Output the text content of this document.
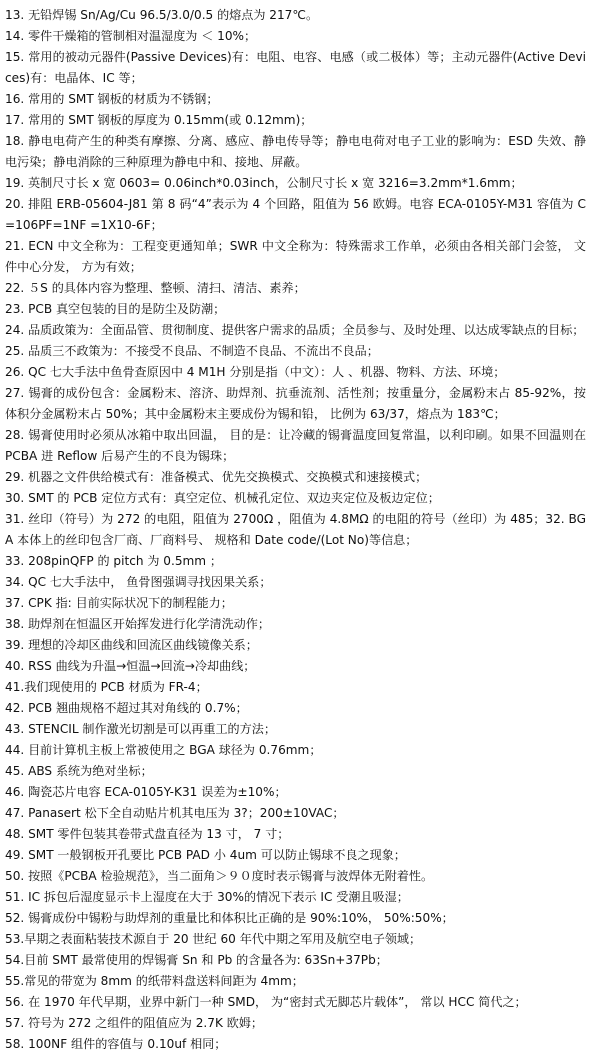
13. 无铅焊锡 Sn/Ag/Cu 96.5/3.0/0.5 的熔点为 217℃。

14. 零件干燥箱的管制相对温湿度为 ＜ 10%；

15. 常用的被动元器件(Passive Devices)有：电阻、电容、电感（或二极体）等；主动元器件(Active Devices)有：电晶体、IC 等；

16. 常用的 SMT 钢板的材质为不锈钢；

17. 常用的 SMT 钢板的厚度为 0.15mm(或 0.12mm)；

18. 静电电荷产生的种类有摩擦、分离、感应、静电传导等；静电电荷对电子工业的影响为：ESD 失效、静电污染；静电消除的三种原理为静电中和、接地、屏蔽。

19. 英制尺寸长 x 宽 0603= 0.06inch*0.03inch，公制尺寸长 x 宽 3216=3.2mm*1.6mm；

20. 排阻 ERB-05604-J81 第 8 码“4”表示为 4 个回路，阻值为 56 欧姆。电容 ECA-0105Y-M31 容值为 C=106PF=1NF =1X10-6F；

21. ECN 中文全称为：工程变更通知单；SWR 中文全称为：特殊需求工作单，必须由各相关部门会签， 文件中心分发， 方为有效；

22. ５S 的具体内容为整理、整顿、清扫、清洁、素养；

23. PCB 真空包装的目的是防尘及防潮；

24. 品质政策为：全面品管、贯彻制度、提供客户需求的品质；全员参与、及时处理、以达成零缺点的目标；

25. 品质三不政策为：不接受不良品、不制造不良品、不流出不良品；

26. QC 七大手法中鱼骨查原因中 4 M1H 分别是指（中文）：人 、机器、物料、方法、环境；

27. 锡膏的成份包含：金属粉末、溶济、助焊剂、抗垂流剂、活性剂；按重量分，金属粉末占 85-92%，按体积分金属粉末占 50%；其中金属粉末主要成份为锡和铅， 比例为 63/37，熔点为 183℃；

28. 锡膏使用时必须从冰箱中取出回温， 目的是：让冷藏的锡膏温度回复常温，以利印刷。如果不回温则在 PCBA 进 Reflow 后易产生的不良为锡珠；

29. 机器之文件供给模式有：准备模式、优先交换模式、交换模式和速接模式；

30. SMT 的 PCB 定位方式有：真空定位、机械孔定位、双边夹定位及板边定位；

31. 丝印（符号）为 272 的电阻，阻值为 2700Ω ，阻值为 4.8MΩ 的电阻的符号（丝印）为 485；32. BGA 本体上的丝印包含厂商、厂商料号、 规格和 Date code/(Lot No)等信息；

33. 208pinQFP 的 pitch 为 0.5mm ；

34. QC 七大手法中， 鱼骨图强调寻找因果关系；

37. CPK 指: 目前实际状况下的制程能力；

38. 助焊剂在恒温区开始挥发进行化学清洗动作；

39. 理想的冷却区曲线和回流区曲线镜像关系；

40. RSS 曲线为升温→恒温→回流→冷却曲线；

41.我们现使用的 PCB 材质为 FR-4；

42. PCB 翘曲规格不超过其对角线的 0.7%；

43. STENCIL 制作激光切割是可以再重工的方法；

44. 目前计算机主板上常被使用之 BGA 球径为 0.76mm；

45. ABS 系统为绝对坐标；

46. 陶瓷芯片电容 ECA-0105Y-K31 误差为±10%；

47. Panasert 松下全自动贴片机其电压为 3?；200±10VAC；

48. SMT 零件包装其卷带式盘直径为 13 寸， 7 寸；

49. SMT 一般钢板开孔要比 PCB PAD 小 4um 可以防止锡球不良之现象；

50. 按照《PCBA 检验规范》，当二面角＞９０度时表示锡膏与波焊体无附着性。

51. IC 拆包后湿度显示卡上湿度在大于 30%的情况下表示 IC 受潮且吸湿；

52. 锡膏成份中锡粉与助焊剂的重量比和体积比正确的是 90%:10%， 50%:50%；

53.早期之表面粘装技术源自于 20 世纪 60 年代中期之军用及航空电子领域；

54.目前 SMT 最常使用的焊锡膏 Sn 和 Pb 的含量各为: 63Sn+37Pb；

55.常见的带宽为 8mm 的纸带料盘送料间距为 4mm；

56. 在 1970 年代早期，业界中新门一种 SMD， 为“密封式无脚芯片载体”， 常以 HCC 简代之；

57. 符号为 272 之组件的阻值应为 2.7K 欧姆；

58. 100NF 组件的容值与 0.10uf 相同；
